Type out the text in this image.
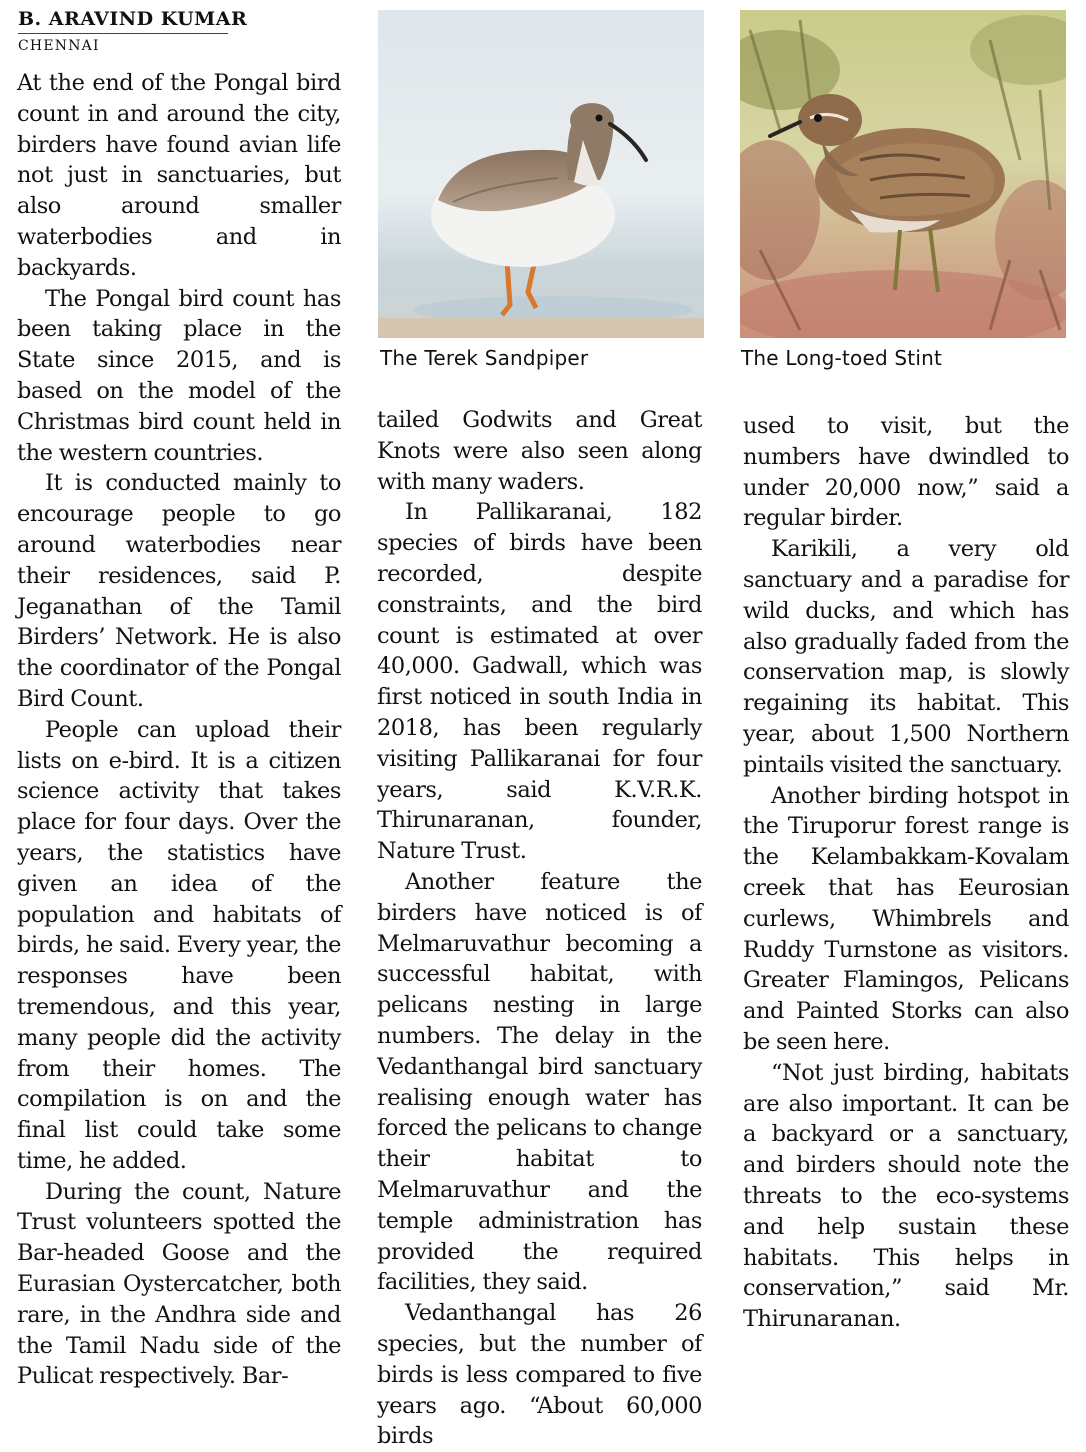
B. ARAVIND KUMAR
CHENNAI

At the end of the Pongal bird count in and around the city, birders have found avian life not just in sanctuaries, but also around smaller waterbodies and in backyards.

The Pongal bird count has been taking place in the State since 2015, and is based on the model of the Christmas bird count held in the western countries.

It is conducted mainly to encourage people to go around waterbodies near their residences, said P. Jeganathan of the Tamil Birders’ Network. He is also the coordinator of the Pongal Bird Count.

People can upload their lists on e-bird. It is a citizen science activity that takes place for four days. Over the years, the statistics have given an idea of the population and habitats of birds, he said. Every year, the responses have been tremendous, and this year, many people did the activity from their homes. The compilation is on and the final list could take some time, he added.

During the count, Nature Trust volunteers spotted the Bar-headed Goose and the Eurasian Oystercatcher, both rare, in the Andhra side and the Tamil Nadu side of the Pulicat respectively. Bar-

The Terek Sandpiper	The Long-toed Stint

tailed Godwits and Great Knots were also seen along with many waders.

In Pallikaranai, 182 species of birds have been recorded, despite constraints, and the bird count is estimated at over 40,000. Gadwall, which was first noticed in south India in 2018, has been regularly visiting Pallikaranai for four years, said K.V.R.K. Thirunaranan, founder, Nature Trust.

Another feature the birders have noticed is of Melmaruvathur becoming a successful habitat, with pelicans nesting in large numbers. The delay in the Vedanthangal bird sanctuary realising enough water has forced the pelicans to change their habitat to Melmaruvathur and the temple administration has provided the required facilities, they said.

Vedanthangal has 26 species, but the number of birds is less compared to five years ago. “About 60,000 birds

used to visit, but the numbers have dwindled to under 20,000 now,” said a regular birder.

Karikili, a very old sanctuary and a paradise for wild ducks, and which has also gradually faded from the conservation map, is slowly regaining its habitat. This year, about 1,500 Northern pintails visited the sanctuary.

Another birding hotspot in the Tiruporur forest range is the Kelambakkam-Kovalam creek that has Eeurosian curlews, Whimbrels and Ruddy Turnstone as visitors. Greater Flamingos, Pelicans and Painted Storks can also be seen here.

“Not just birding, habitats are also important. It can be a backyard or a sanctuary, and birders should note the threats to the eco-systems and help sustain these habitats. This helps in conservation,” said Mr. Thirunaranan.
